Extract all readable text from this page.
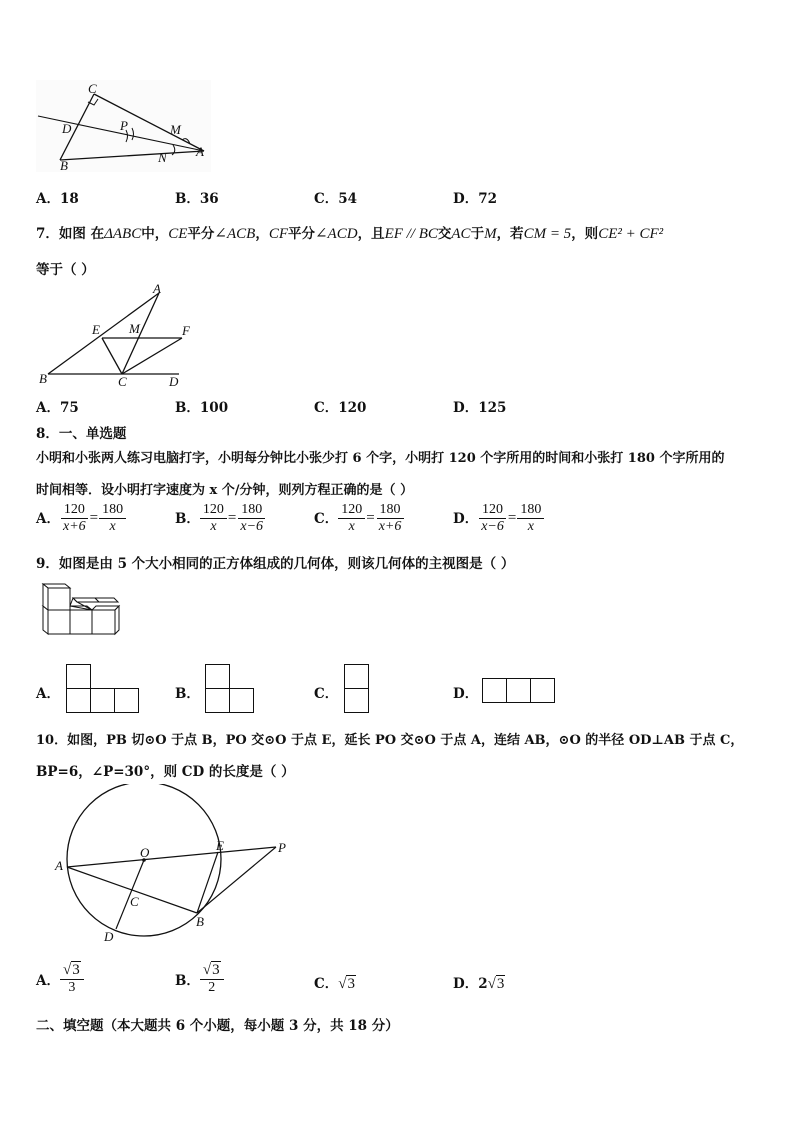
C
D	P	M
B
N A
A．18	B．36	C．54	D．72
7．如图 在ΔABC中，CE平分∠ACB，CF平分∠ACD，且EF // BC交AC于M，若CM = 5，则CE² + CF²
等于（ ）
A
E M	F
B	C	D
A．75	B．100	C．120	D．125
8．一、单选题
小明和小张两人练习电脑打字，小明每分钟比小张少打 6 个字，小明打 120 个字所用的时间和小张打 180 个字所用的
时间相等．设小明打字速度为 x 个/分钟，则列方程正确的是（ ）
A． $\frac{120}{x+6} = \frac{180}{x}$	B． $\frac{120}{x} = \frac{180}{x-6}$	C． $\frac{120}{x} = \frac{180}{x+6}$	D． $\frac{120}{x-6} = \frac{180}{x}$
9．如图是由 5 个大小相同的正方体组成的几何体，则该几何体的主视图是（ ）
A．	B．	C．	D．
10．如图，PB 切⊙O 于点 B，PO 交⊙O 于点 E，延长 PO 交⊙O 于点 A，连结 AB，⊙O 的半径 OD⊥AB 于点 C，
BP=6，∠P=30°，则 CD 的长度是（ ）
O	E	P
A
C
B
D
A． $\frac{√3}{3}$	B． $\frac{√3}{2}$	C．√3	D．2√3
二、填空题（本大题共 6 个小题，每小题 3 分，共 18 分）
